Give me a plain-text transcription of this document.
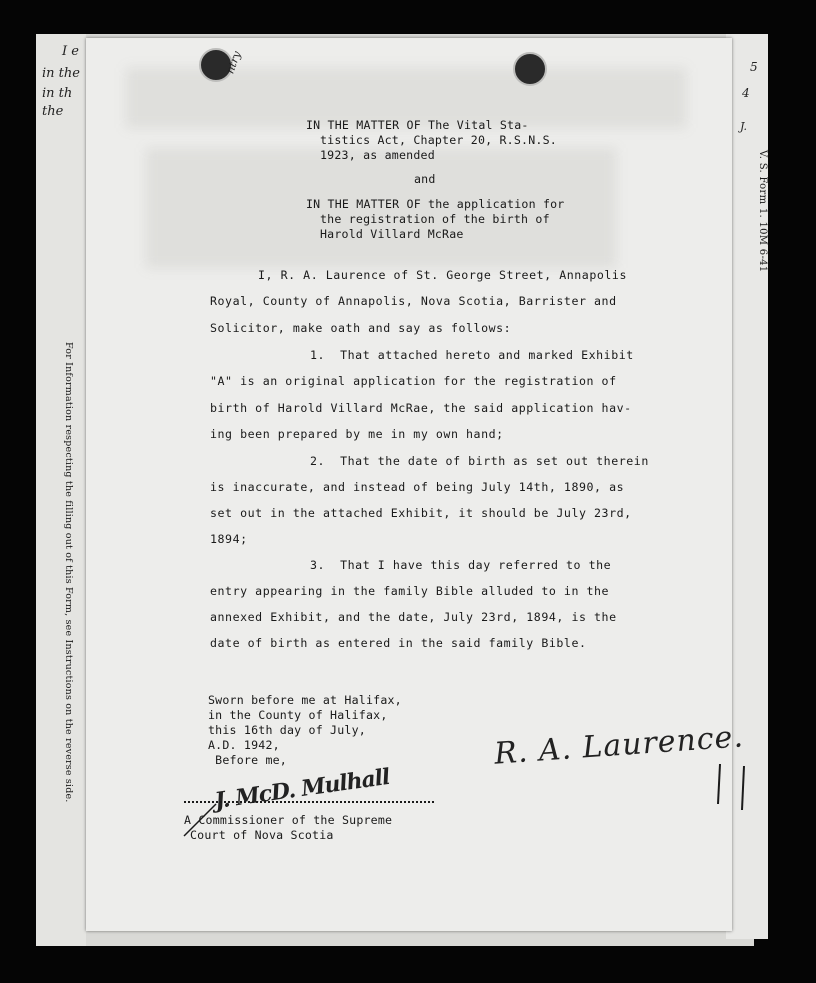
I e
in the
in th
the
For Information respecting the filling out of this Form, see Instructions on the reverse side.
ntry
IN THE MATTER OF The Vital Sta-
tistics Act, Chapter 20, R.S.N.S.
1923, as amended
and
IN THE MATTER OF the application for
the registration of the birth of
Harold Villard McRae
I, R. A. Laurence of St. George Street, Annapolis
Royal, County of Annapolis, Nova Scotia, Barrister and
Solicitor, make oath and say as follows:
1.  That attached hereto and marked Exhibit
"A" is an original application for the registration of
birth of Harold Villard McRae, the said application hav-
ing been prepared by me in my own hand;
2.  That the date of birth as set out therein
is inaccurate, and instead of being July 14th, 1890, as
set out in the attached Exhibit, it should be July 23rd,
1894;
3.  That I have this day referred to the
entry appearing in the family Bible alluded to in the
annexed Exhibit, and the date, July 23rd, 1894, is the
date of birth as entered in the said family Bible.
Sworn before me at Halifax,
in the County of Halifax,
this 16th day of July,
A.D. 1942,
Before me,	R. A. Laurence.
J. McD. Mulhall
A Commissioner of the Supreme
Court of Nova Scotia
5
4
J.
V. S. Form 1. 10M 6-41
